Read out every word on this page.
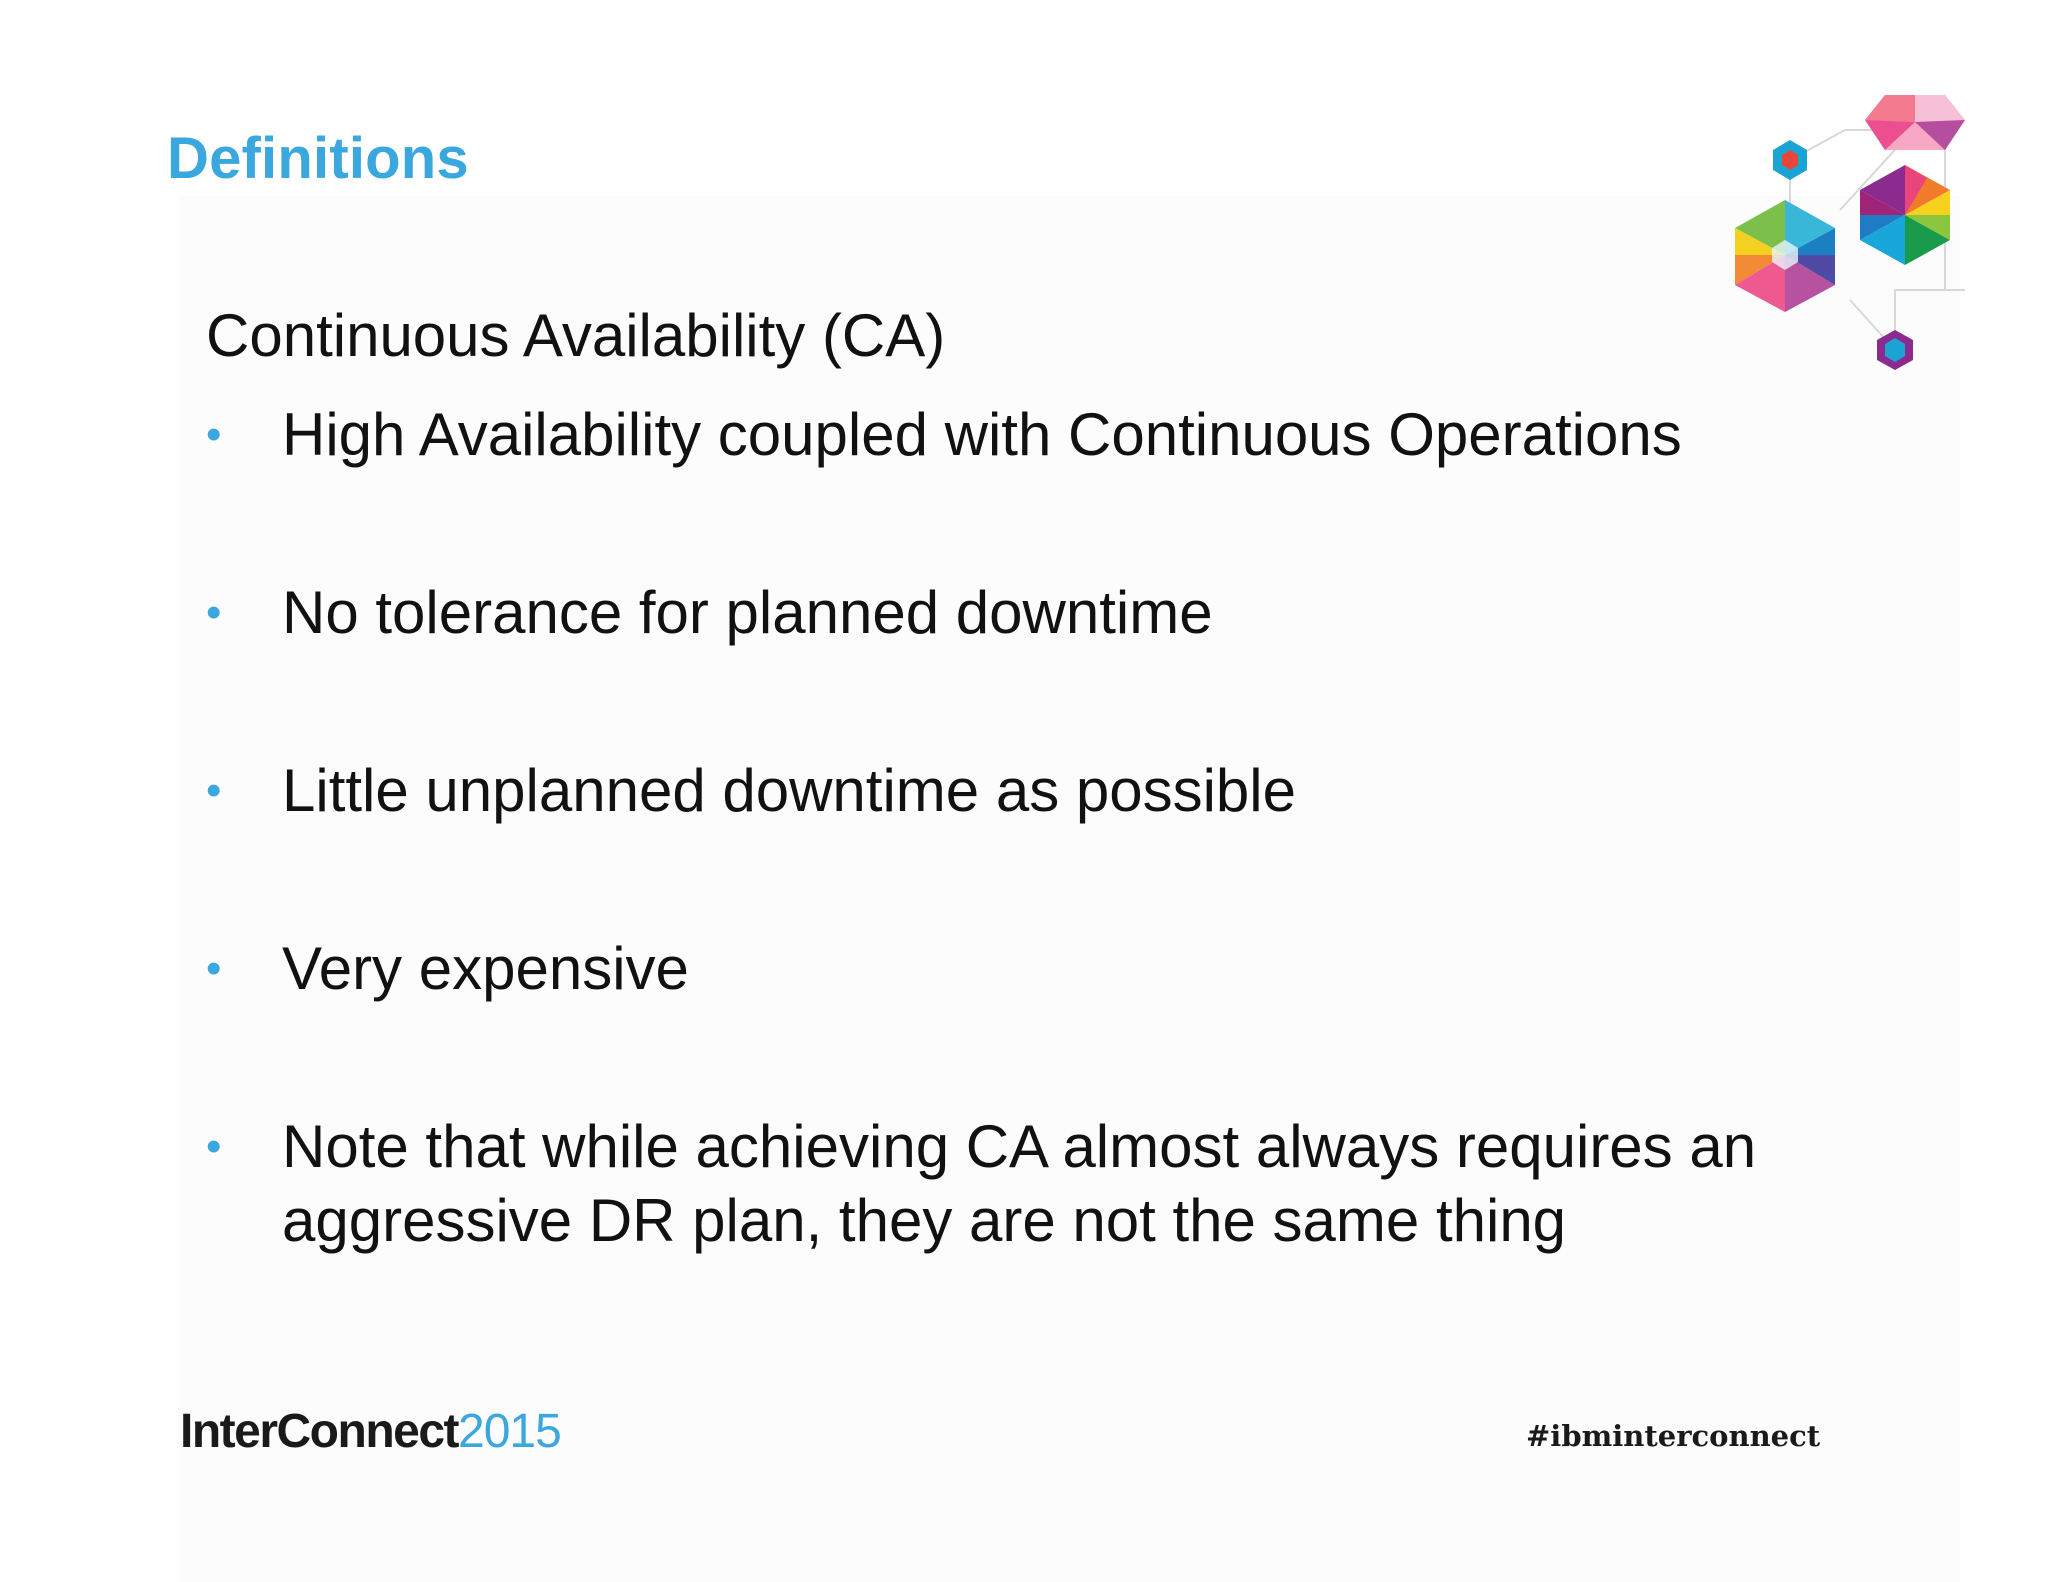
Definitions
Continuous Availability (CA)
• High Availability coupled with Continuous Operations
• No tolerance for planned downtime
• Little unplanned downtime as possible
• Very expensive
• Note that while achieving CA almost always requires an aggressive DR plan, they are not the same thing
InterConnect2015	#ibminterconnect
